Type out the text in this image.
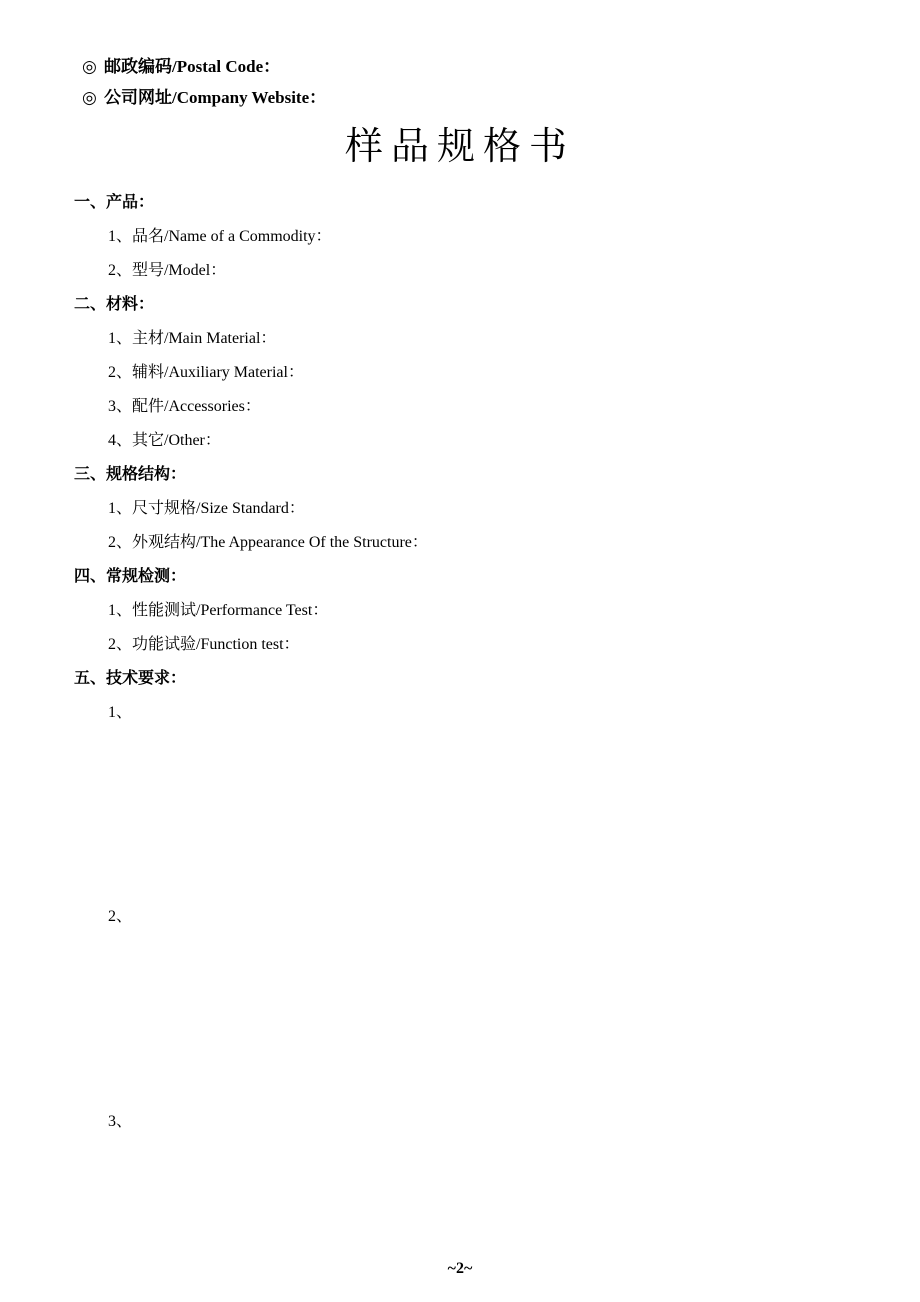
◎ 邮政编码/Postal Code：
◎ 公司网址/Company Website：
样品规格书
一、产品：
1、品名/Name of a Commodity：
2、型号/Model：
二、材料：
1、主材/Main Material：
2、辅料/Auxiliary Material：
3、配件/Accessories：
4、其它/Other：
三、规格结构：
1、尺寸规格/Size Standard：
2、外观结构/The Appearance Of the Structure：
四、常规检测：
1、性能测试/Performance Test：
2、功能试验/Function test：
五、技术要求：
1、
2、
3、
~2~
